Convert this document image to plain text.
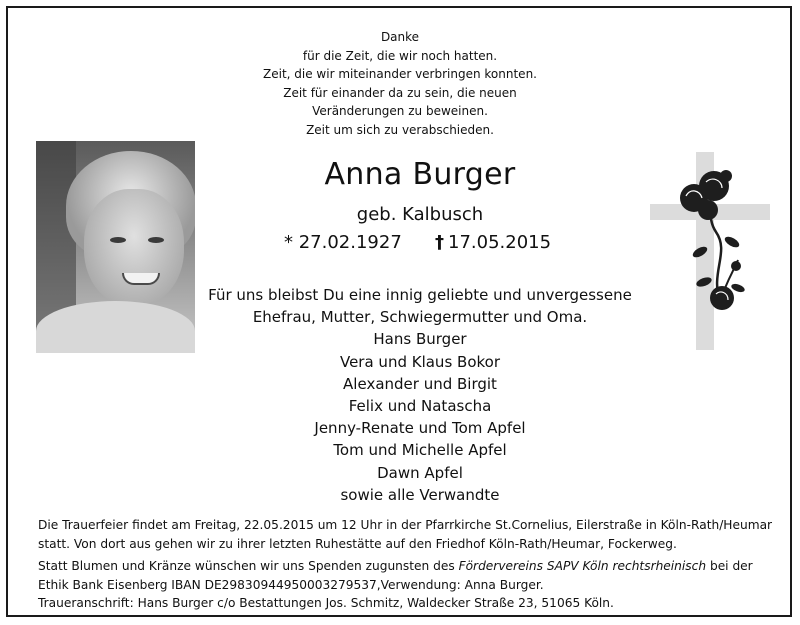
Danke
für die Zeit, die wir noch hatten.
Zeit, die wir miteinander verbringen konnten.
Zeit für einander da zu sein, die neuen
Veränderungen zu beweinen.
Zeit um sich zu verabschieden.
Anna Burger
geb. Kalbusch
* 27.02.1927 † 17.05.2015
Für uns bleibst Du eine innig geliebte und unvergessene
Ehefrau, Mutter, Schwiegermutter und Oma.
Hans Burger
Vera und Klaus Bokor
Alexander und Birgit
Felix und Natascha
Jenny-Renate und Tom Apfel
Tom und Michelle Apfel
Dawn Apfel
sowie alle Verwandte

Die Trauerfeier findet am Freitag, 22.05.2015 um 12 Uhr in der Pfarrkirche St.Cornelius, Eilerstraße in Köln-Rath/Heumar

statt. Von dort aus gehen wir zu ihrer letzten Ruhestätte auf den Friedhof Köln-Rath/Heumar, Fockerweg.

Statt Blumen und Kränze wünschen wir uns Spenden zugunsten des Fördervereins SAPV Köln rechtsrheinisch bei der

Ethik Bank Eisenberg IBAN DE29830944950003279537,Verwendung: Anna Burger.

Traueranschrift: Hans Burger c/o Bestattungen Jos. Schmitz, Waldecker Straße 23, 51065 Köln.
